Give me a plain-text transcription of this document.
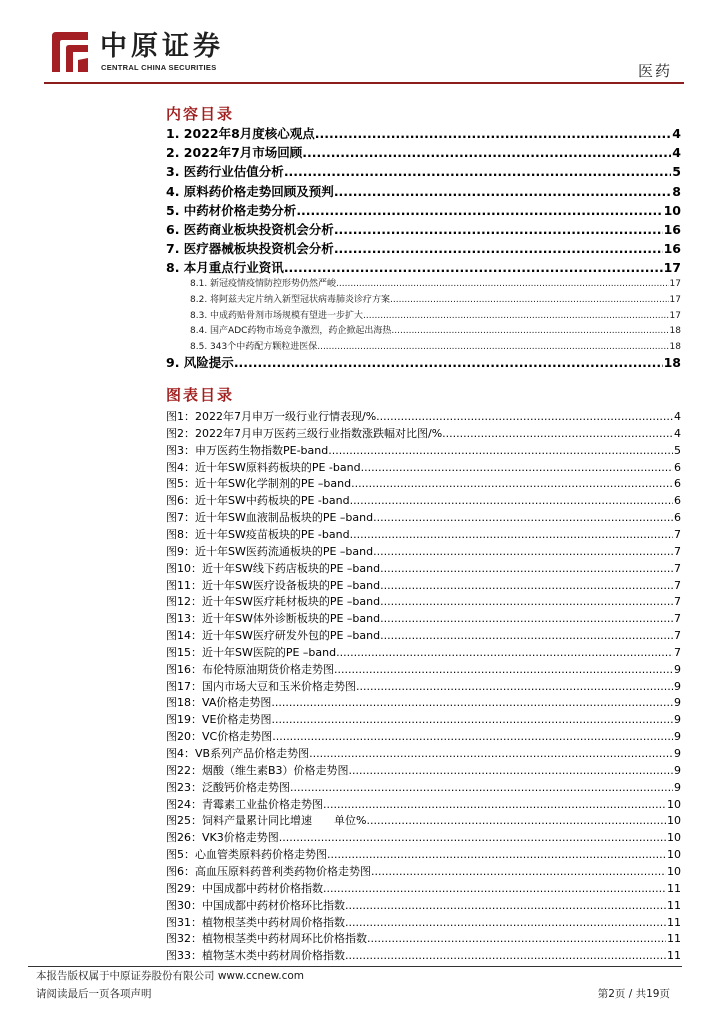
中原证券
CENTRAL CHINA SECURITIES	医药
内容目录
1. 2022年8月度核心观点 .....	4
2. 2022年7月市场回顾 .....	4
3. 医药行业估值分析 .....	5
4. 原料药价格走势回顾及预判 .....	8
5. 中药材价格走势分析 .....	10
6. 医药商业板块投资机会分析 .....	16
7. 医疗器械板块投资机会分析 .....	16
8. 本月重点行业资讯 .....	17
8.1. 新冠疫情疫情防控形势仍然严峻 .....	17
8.2. 将阿兹夫定片纳入新型冠状病毒肺炎诊疗方案 .....	17
8.3. 中成药贴骨剂市场规模有望进一步扩大 .....	17
8.4. 国产ADC药物市场竞争激烈，药企掀起出海热 .....	18
8.5. 343个中药配方颗粒进医保 .....	18
9. 风险提示 .....	18
图表目录
图1：2022年7月申万一级行业行情表现/% .....	4
图2：2022年7月申万医药三级行业指数涨跌幅对比图/% .....	4
图3：申万医药生物指数PE-band .....	5
图4：近十年SW原料药板块的PE -band .....	6
图5：近十年SW化学制剂的PE –band .....	6
图6：近十年SW中药板块的PE -band .....	6
图7：近十年SW血液制品板块的PE –band .....	6
图8：近十年SW疫苗板块的PE -band .....	7
图9：近十年SW医药流通板块的PE –band .....	7
图10：近十年SW线下药店板块的PE –band .....	7
图11：近十年SW医疗设备板块的PE –band .....	7
图12：近十年SW医疗耗材板块的PE –band .....	7
图13：近十年SW体外诊断板块的PE –band .....	7
图14：近十年SW医疗研发外包的PE –band .....	7
图15：近十年SW医院的PE –band .....	7
图16：布伦特原油期货价格走势图 .....	9
图17：国内市场大豆和玉米价格走势图 .....	9
图18：VA价格走势图 .....	9
图19：VE价格走势图 .....	9
图20：VC价格走势图 .....	9
图4：VB系列产品价格走势图 .....	9
图22：烟酸（维生素B3）价格走势图 .....	9
图23：泛酸钙价格走势图 .....	9
图24：青霉素工业盐价格走势图 .....	10
图25：饲料产量累计同比增速　　单位% .....	10
图26：VK3价格走势图 .....	10
图5：心血管类原料药价格走势图 .....	10
图6：高血压原料药普利类药物价格走势图 .....	10
图29：中国成都中药材价格指数 .....	11
图30：中国成都中药材价格环比指数 .....	11
图31：植物根茎类中药材周价格指数 .....	11
图32：植物根茎类中药材周环比价格指数 .....	11
图33：植物茎木类中药材周价格指数 .....	11
本报告版权属于中原证券股份有限公司 www.ccnew.com
请阅读最后一页各项声明	第2页 / 共19页
